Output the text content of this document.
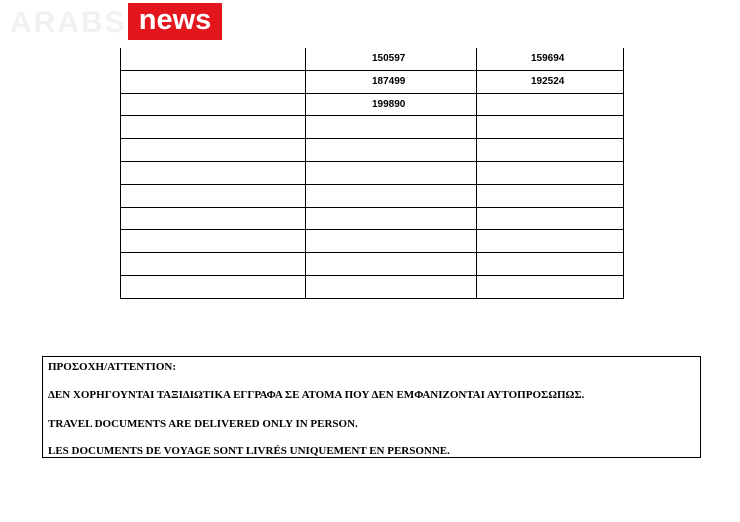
ARABS news
	150597	159694
	187499	192524
	199890	

ΠΡΟΣΟΧΗ/ATTENTION:
ΔΕΝ ΧΟΡΗΓΟΥΝΤΑΙ ΤΑΞΙΔΙΩΤΙΚΑ ΕΓΓΡΑΦΑ ΣΕ ΑΤΟΜΑ ΠΟΥ ΔΕΝ ΕΜΦΑΝΙΖΟΝΤΑΙ ΑΥΤΟΠΡΟΣΩΠΩΣ.
TRAVEL DOCUMENTS ARE DELIVERED ONLY IN PERSON.
LES DOCUMENTS DE VOYAGE SONT LIVRÉS UNIQUEMENT EN PERSONNE.
